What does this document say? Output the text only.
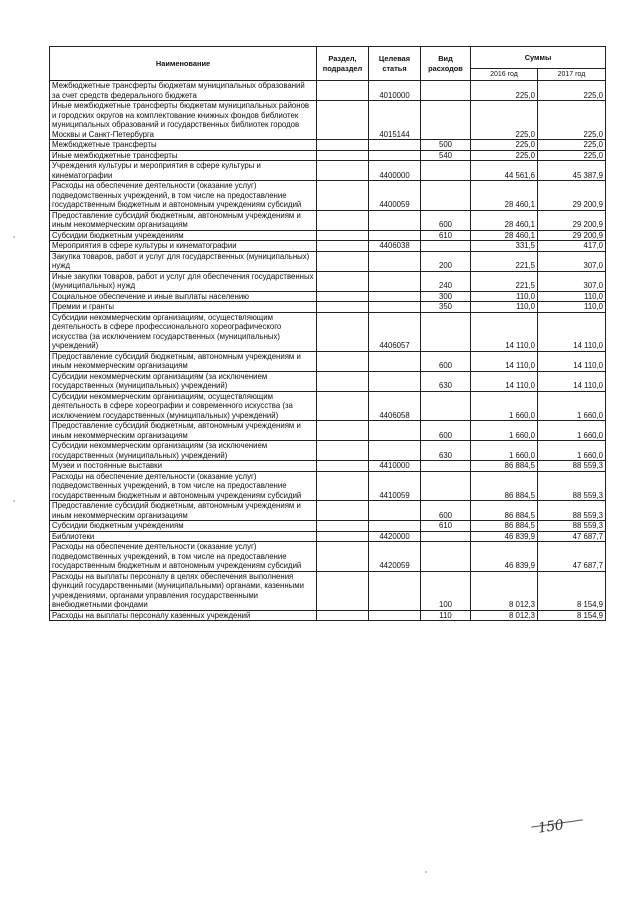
Наименование	Раздел, подраздел	Целевая статья	Вид расходов	Суммы	
				2016 год	2017 год
Межбюджетные трансферты бюджетам муниципальных образований за счет средств федерального бюджета		4010000		225,0	225,0
Иные межбюджетные трансферты бюджетам муниципальных районов и городских округов на комплектование книжных фондов библиотек муниципальных образований и государственных библиотек городов Москвы и Санкт-Петербурга		4015144		225,0	225,0
Межбюджетные трансферты			500	225,0	225,0
Иные межбюджетные трансферты			540	225,0	225,0
Учреждения культуры и мероприятия в сфере культуры и кинематографии		4400000		44 561,6	45 387,9
Расходы на обеспечение деятельности (оказание услуг) подведомственных учреждений, в том числе на предоставление государственным бюджетным и автономным учреждениям субсидий		4400059		28 460,1	29 200,9
Предоставление субсидий бюджетным, автономным учреждениям и иным некоммерческим организациям			600	28 460,1	29 200,9
Субсидии бюджетным учреждениям			610	28 460,1	29 200,9
Мероприятия в сфере культуры и кинематографии		4406038		331,5	417,0
Закупка товаров, работ и услуг для государственных (муниципальных) нужд			200	221,5	307,0
Иные закупки товаров, работ и услуг для обеспечения государственных (муниципальных) нужд			240	221,5	307,0
Социальное обеспечение и иные выплаты населению			300	110,0	110,0
Премии и гранты			350	110,0	110,0
Субсидии некоммерческим организациям, осуществляющим деятельность в сфере профессионального хореографического искусства (за исключением государственных (муниципальных) учреждений)		4406057		14 110,0	14 110,0
Предоставление субсидий бюджетным, автономным учреждениям и иным некоммерческим организациям			600	14 110,0	14 110,0
Субсидии некоммерческим организациям (за исключением государственных (муниципальных) учреждений)			630	14 110,0	14 110,0
Субсидии некоммерческим организациям, осуществляющим деятельность в сфере хореографии и современного искусства (за исключением государственных (муниципальных) учреждений)		4406058		1 660,0	1 660,0
Предоставление субсидий бюджетным, автономным учреждениям и иным некоммерческим организациям			600	1 660,0	1 660,0
Субсидии некоммерческим организациям (за исключением государственных (муниципальных) учреждений)			630	1 660,0	1 660,0
Музеи и постоянные выставки		4410000		86 884,5	88 559,3
Расходы на обеспечение деятельности (оказание услуг) подведомственных учреждений, в том числе на предоставление государственным бюджетным и автономным учреждениям субсидий		4410059		86 884,5	88 559,3
Предоставление субсидий бюджетным, автономным учреждениям и иным некоммерческим организациям			600	86 884,5	88 559,3
Субсидии бюджетным учреждениям			610	86 884,5	88 559,3
Библиотеки		4420000		46 839,9	47 687,7
Расходы на обеспечение деятельности (оказание услуг) подведомственных учреждений, в том числе на предоставление государственным бюджетным и автономным учреждениям субсидий		4420059		46 839,9	47 687,7
Расходы на выплаты персоналу в целях обеспечения выполнения функций государственными (муниципальными) органами, казенными учреждениями, органами управления государственными внебюджетными фондами			100	8 012,3	8 154,9
Расходы на выплаты персоналу казенных учреждений			110	8 012,3	8 154,9
150
